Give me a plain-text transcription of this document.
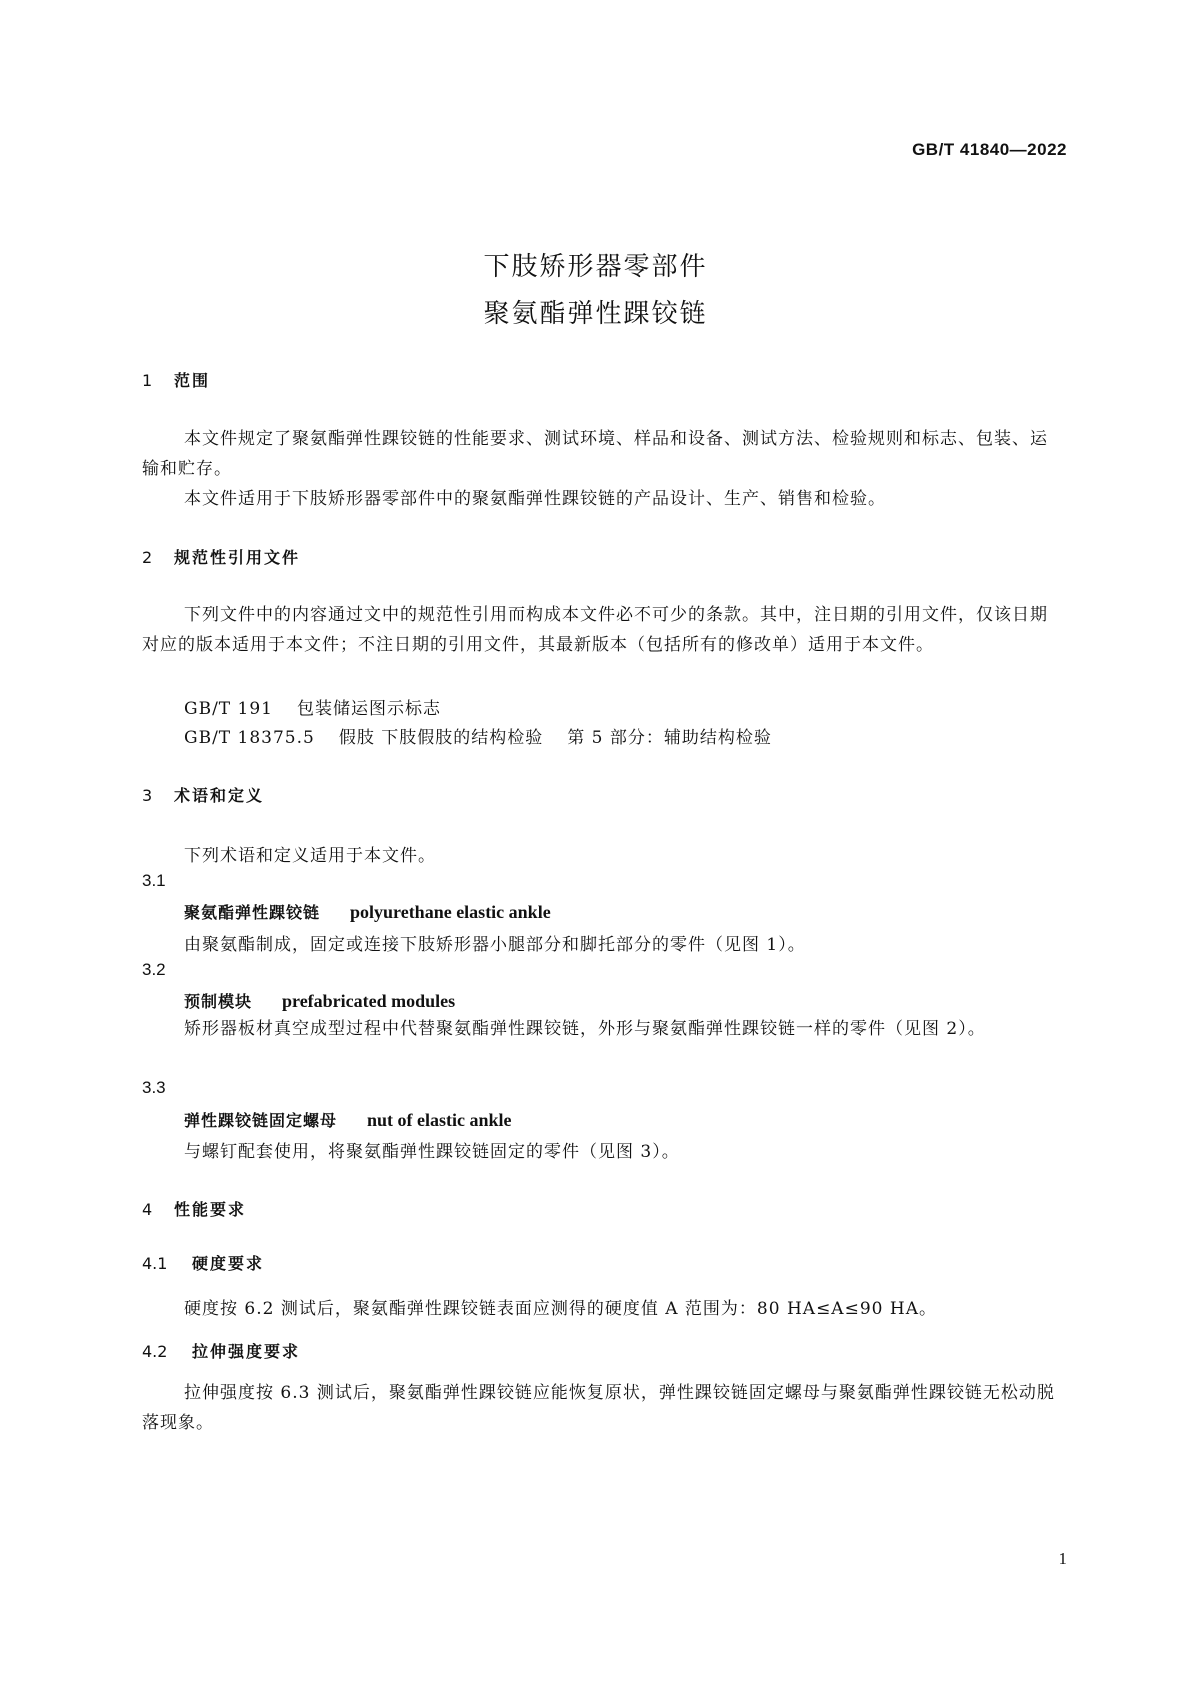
GB/T 41840—2022
下肢矫形器零部件
聚氨酯弹性踝铰链
1 范围
本文件规定了聚氨酯弹性踝铰链的性能要求、测试环境、样品和设备、测试方法、检验规则和标志、包装、运输和贮存。
本文件适用于下肢矫形器零部件中的聚氨酯弹性踝铰链的产品设计、生产、销售和检验。
2 规范性引用文件
下列文件中的内容通过文中的规范性引用而构成本文件必不可少的条款。其中，注日期的引用文件，仅该日期对应的版本适用于本文件；不注日期的引用文件，其最新版本（包括所有的修改单）适用于本文件。
GB/T 191 包装储运图示标志
GB/T 18375.5 假肢 下肢假肢的结构检验 第 5 部分：辅助结构检验
3 术语和定义
下列术语和定义适用于本文件。
3.1
聚氨酯弹性踝铰链 polyurethane elastic ankle
由聚氨酯制成，固定或连接下肢矫形器小腿部分和脚托部分的零件（见图 1）。
3.2
预制模块 prefabricated modules
矫形器板材真空成型过程中代替聚氨酯弹性踝铰链，外形与聚氨酯弹性踝铰链一样的零件（见图 2）。
3.3
弹性踝铰链固定螺母 nut of elastic ankle
与螺钉配套使用，将聚氨酯弹性踝铰链固定的零件（见图 3）。
4 性能要求
4.1 硬度要求
硬度按 6.2 测试后，聚氨酯弹性踝铰链表面应测得的硬度值 A 范围为：80 HA≤A≤90 HA。
4.2 拉伸强度要求
拉伸强度按 6.3 测试后，聚氨酯弹性踝铰链应能恢复原状，弹性踝铰链固定螺母与聚氨酯弹性踝铰链无松动脱落现象。
1
